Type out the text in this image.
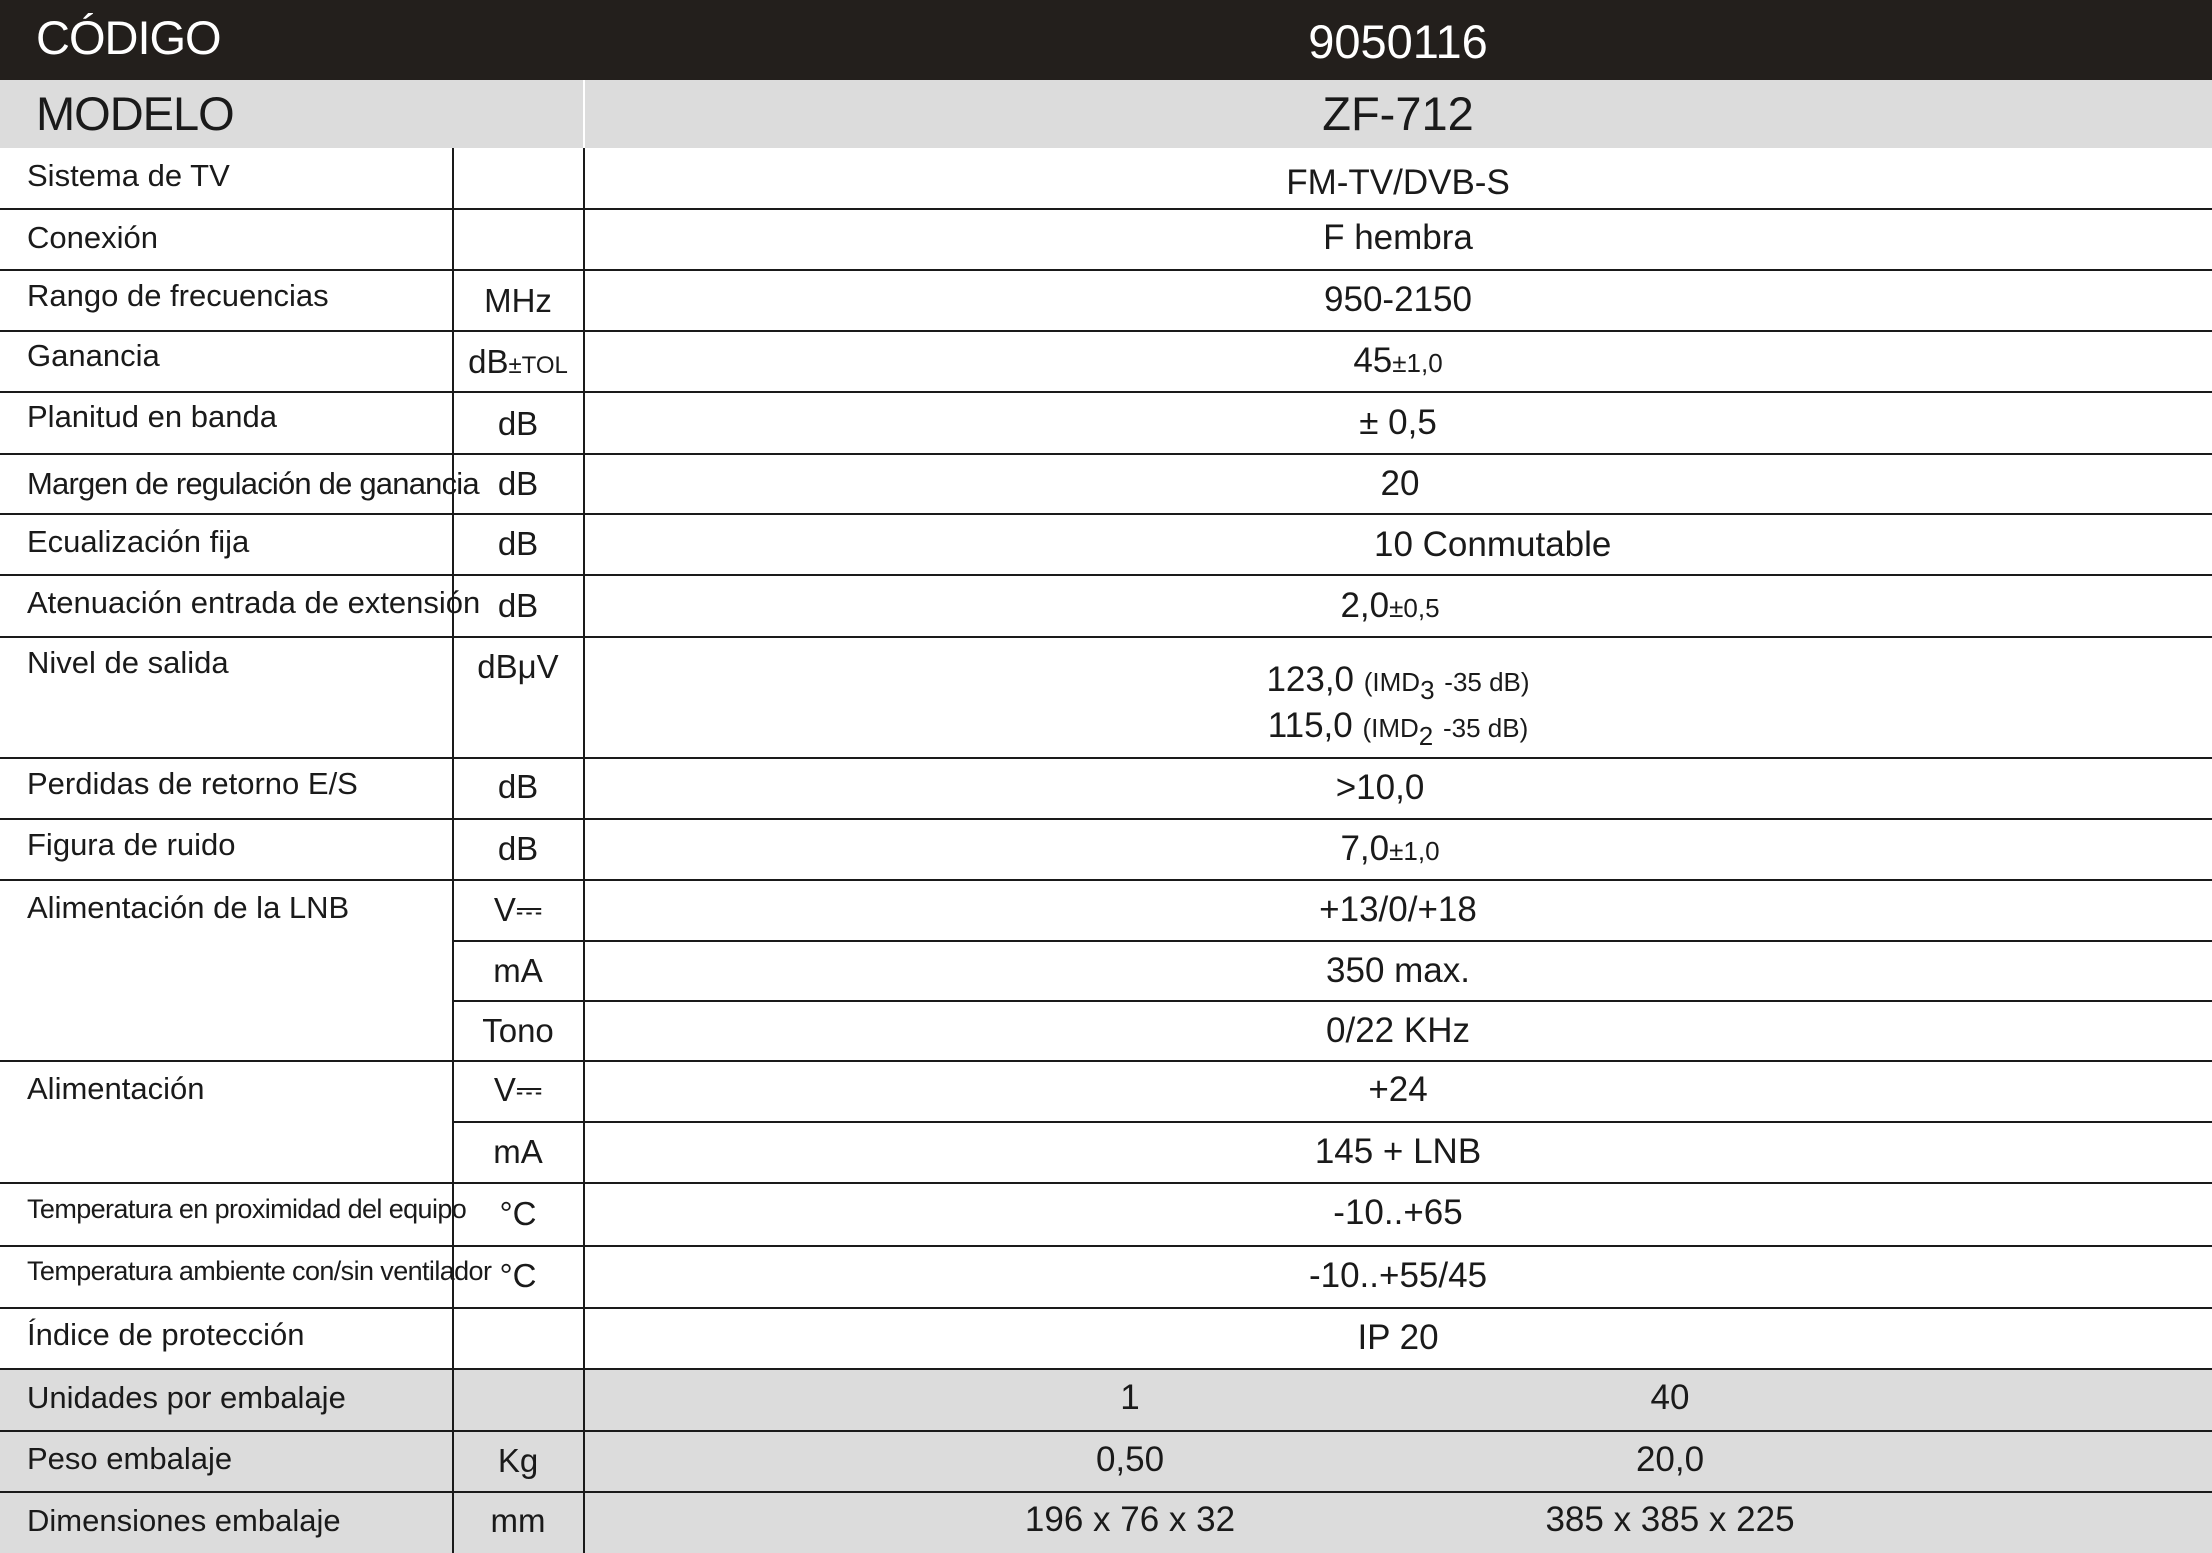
CÓDIGO	9050116
MODELO	ZF-712
Sistema de TV	FM-TV/DVB-S
Conexión	F hembra
Rango de frecuencias	MHz	950-2150
Ganancia	dB±TOL	45±1,0
Planitud en banda	dB	± 0,5
Margen de regulación de ganancia dB	20
Ecualización fija	dB	10 Conmutable
Atenuación entrada de extensión dB	2,0±0,5
Nivel de salida	dBμV	123,0 ($IMD_3$ -35 dB)
115,0 ($IMD_2$ -35 dB)
Perdidas de retorno E/S	dB	>10,0
Figura de ruido	dB	7,0±1,0
Alimentación de la LNB	V⎓	+13/0/+18
mA	350 max.
Tono	0/22 KHz
Alimentación	V⎓	+24
mA	145 + LNB
Temperatura en proximidad del equipo	°C	-10..+65
Temperatura ambiente con/sin ventilador °C	-10..+55/45
Índice de protección	IP 20
Unidades por embalaje	1	40
Peso embalaje	Kg	0,50	20,0
Dimensiones embalaje	mm	196 x 76 x 32	385 x 385 x 225
